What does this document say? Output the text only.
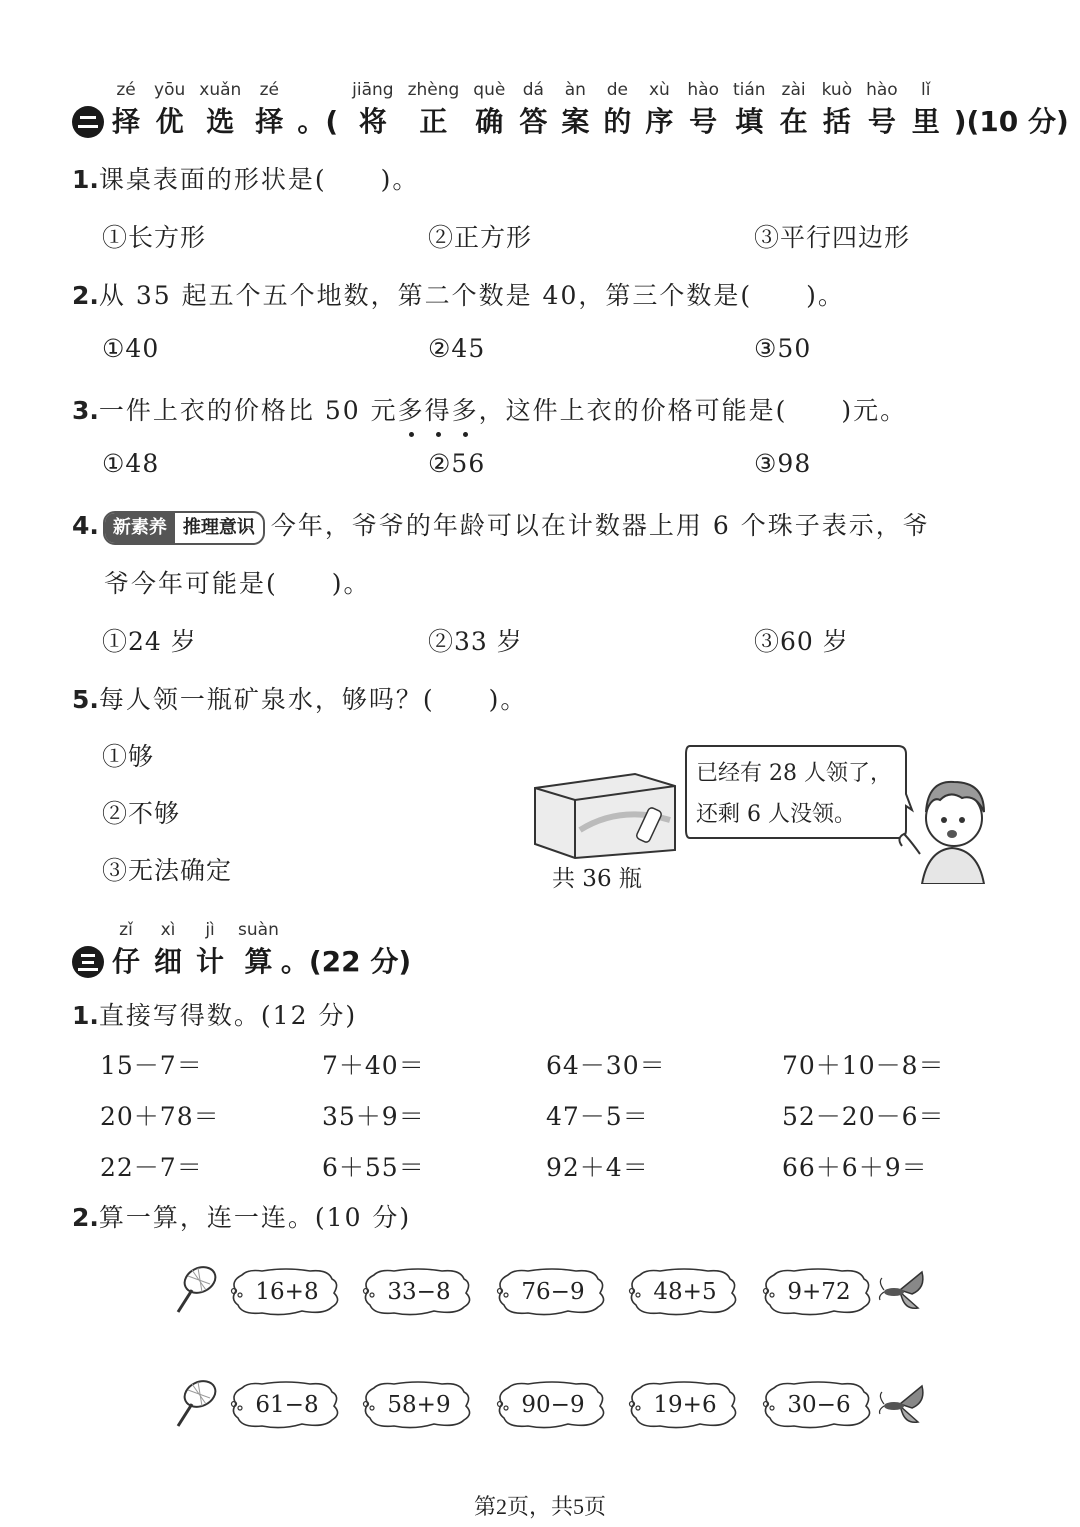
zé
择
yōu
优
xuǎn
选
zé
择 。(
jiāng
将
zhèng
正
què
确
dá
答
àn
案
de
的
xù
序
hào
号
tián
填
zài
在
kuò
括
hào
号
lǐ
里 )(10 分)
1.课桌表面的形状是(　　)。
①长方形	②正方形	③平行四边形
2.从 35 起五个五个地数，第二个数是 40，第三个数是(　　)。
①40	②45	③50
3.一件上衣的价格比 50 元多得多，这件上衣的价格可能是(　　)元。
①48	②56	③98
4. 新素养 推理意识 今年，爷爷的年龄可以在计数器上用 6 个珠子表示，爷
爷今年可能是(　　)。
①24 岁	②33 岁	③60 岁
5.每人领一瓶矿泉水，够吗？(　　)。
①够
②不够
③无法确定	共 36 瓶
已经有 28 人领了，
还剩 6 人没领。
zǐ
仔
xì
细
jì
计
suàn
算 。(22 分)
1.直接写得数。(12 分)
15－7＝	7＋40＝	64－30＝	70＋10－8＝
20＋78＝	35＋9＝	47－5＝	52－20－6＝
22－7＝	6＋55＝	92＋4＝	66＋6＋9＝
2.算一算，连一连。(10 分)
16+8	33−8	76−9	48+5	9+72
61−8	58+9	90−9	19+6	30−6
第2页，共5页
